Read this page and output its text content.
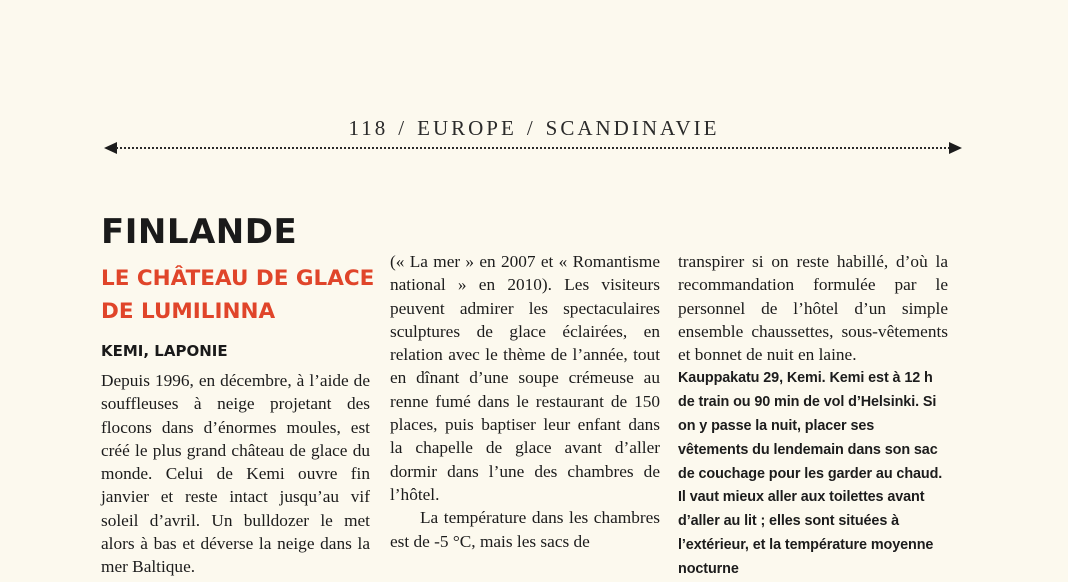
118 / EUROPE / SCANDINAVIE
FINLANDE
LE CHÂTEAU DE GLACE DE LUMILINNA
KEMI, LAPONIE

Depuis 1996, en décembre, à l’aide de souffleuses à neige projetant des flocons dans d’énormes moules, est créé le plus grand château de glace du monde. Celui de Kemi ouvre fin janvier et reste intact jusqu’au vif soleil d’avril. Un bulldozer le met alors à bas et déverse la neige dans la mer Baltique.

(« La mer » en 2007 et « Romantisme national » en 2010). Les visiteurs peuvent admirer les spectaculaires sculptures de glace éclairées, en relation avec le thème de l’année, tout en dînant d’une soupe crémeuse au renne fumé dans le restaurant de 150 places, puis baptiser leur enfant dans la chapelle de glace avant d’aller dormir dans l’une des chambres de l’hôtel.

La température dans les chambres est de -5 °C, mais les sacs de

transpirer si on reste habillé, d’où la recommandation formulée par le personnel de l’hôtel d’un simple ensemble chaussettes, sous-vêtements et bonnet de nuit en laine.

Kauppakatu 29, Kemi. Kemi est à 12 h de train ou 90 min de vol d’Helsinki. Si on y passe la nuit, placer ses vêtements du lendemain dans son sac de couchage pour les garder au chaud. Il vaut mieux aller aux toilettes avant d’aller au lit ; elles sont situées à l’extérieur, et la température moyenne nocturne
